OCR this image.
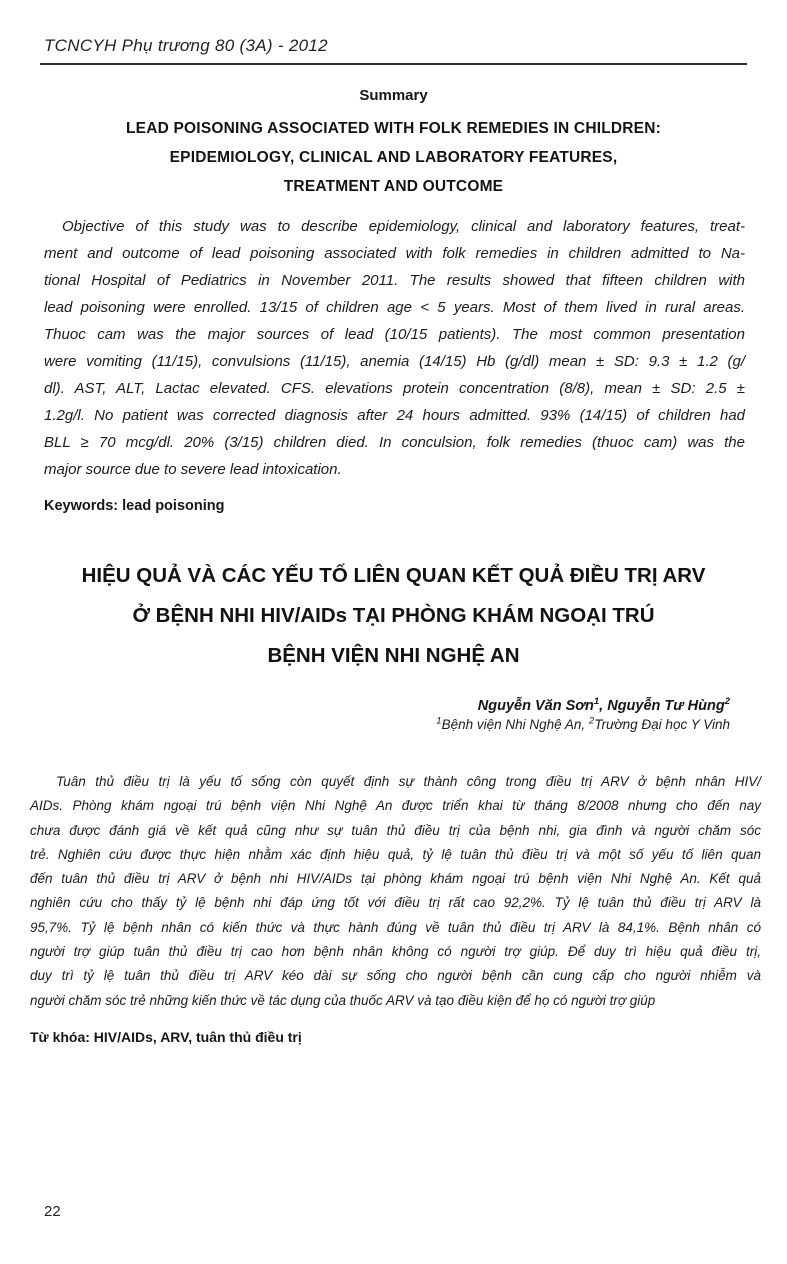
TCNCYH Phụ trương 80 (3A) - 2012
Summary
LEAD POISONING ASSOCIATED WITH FOLK REMEDIES IN CHILDREN:
EPIDEMIOLOGY, CLINICAL AND LABORATORY FEATURES,
TREATMENT AND OUTCOME
Objective of this study was to describe epidemiology, clinical and laboratory features, treat-
ment and outcome of lead poisoning associated with folk remedies in children admitted to Na-
tional Hospital of Pediatrics in November 2011. The results showed that fifteen children with
lead poisoning were enrolled. 13/15 of children age < 5 years. Most of them lived in rural areas.
Thuoc cam was the major sources of lead (10/15 patients). The most common presentation
were vomiting (11/15), convulsions (11/15), anemia (14/15) Hb (g/dl) mean ± SD: 9.3 ± 1.2 (g/
dl). AST, ALT, Lactac elevated. CFS. elevations protein concentration (8/8), mean ± SD: 2.5 ±
1.2g/l. No patient was corrected diagnosis after 24 hours admitted. 93% (14/15) of children had
BLL ≥ 70 mcg/dl. 20% (3/15) children died. In conculsion, folk remedies (thuoc cam) was the
major source due to severe lead intoxication.
Keywords: lead poisoning
HIỆU QUẢ VÀ CÁC YẾU TỐ LIÊN QUAN KẾT QUẢ ĐIỀU TRỊ ARV
Ở BỆNH NHI HIV/AIDs TẠI PHÒNG KHÁM NGOẠI TRÚ
BỆNH VIỆN NHI NGHỆ AN
Nguyễn Văn Sơn$^1$, Nguyễn Tư Hùng$^2$
$^1$Bệnh viện Nhi Nghệ An, $^2$Trường Đại học Y Vinh
Tuân thủ điều trị là yếu tố sống còn quyết định sự thành công trong điều trị ARV ở bệnh nhân HIV/
AIDs. Phòng khám ngoại trú bệnh viện Nhi Nghệ An được triển khai từ tháng 8/2008 nhưng cho đến nay
chưa được đánh giá về kết quả cũng như sự tuân thủ điều trị của bệnh nhi, gia đình và người chăm sóc
trẻ. Nghiên cứu được thực hiện nhằm xác định hiệu quả, tỷ lệ tuân thủ điều trị và một số yếu tố liên quan
đến tuân thủ điều trị ARV ở bệnh nhi HIV/AIDs tại phòng khám ngoại trú bệnh viện Nhi Nghệ An. Kết quả
nghiên cứu cho thấy tỷ lệ bệnh nhi đáp ứng tốt với điều trị rất cao 92,2%. Tỷ lệ tuân thủ điều trị ARV là
95,7%. Tỷ lệ bệnh nhân có kiến thức và thực hành đúng về tuân thủ điều trị ARV là 84,1%. Bệnh nhân có
người trợ giúp tuân thủ điều trị cao hơn bệnh nhân không có người trợ giúp. Để duy trì hiệu quả điều trị,
duy trì tỷ lệ tuân thủ điều trị ARV kéo dài sự sống cho người bệnh cần cung cấp cho người nhiễm và
người chăm sóc trẻ những kiến thức về tác dụng của thuốc ARV và tạo điều kiện để họ có người trợ giúp
Từ khóa: HIV/AIDs, ARV, tuân thủ điều trị
22
